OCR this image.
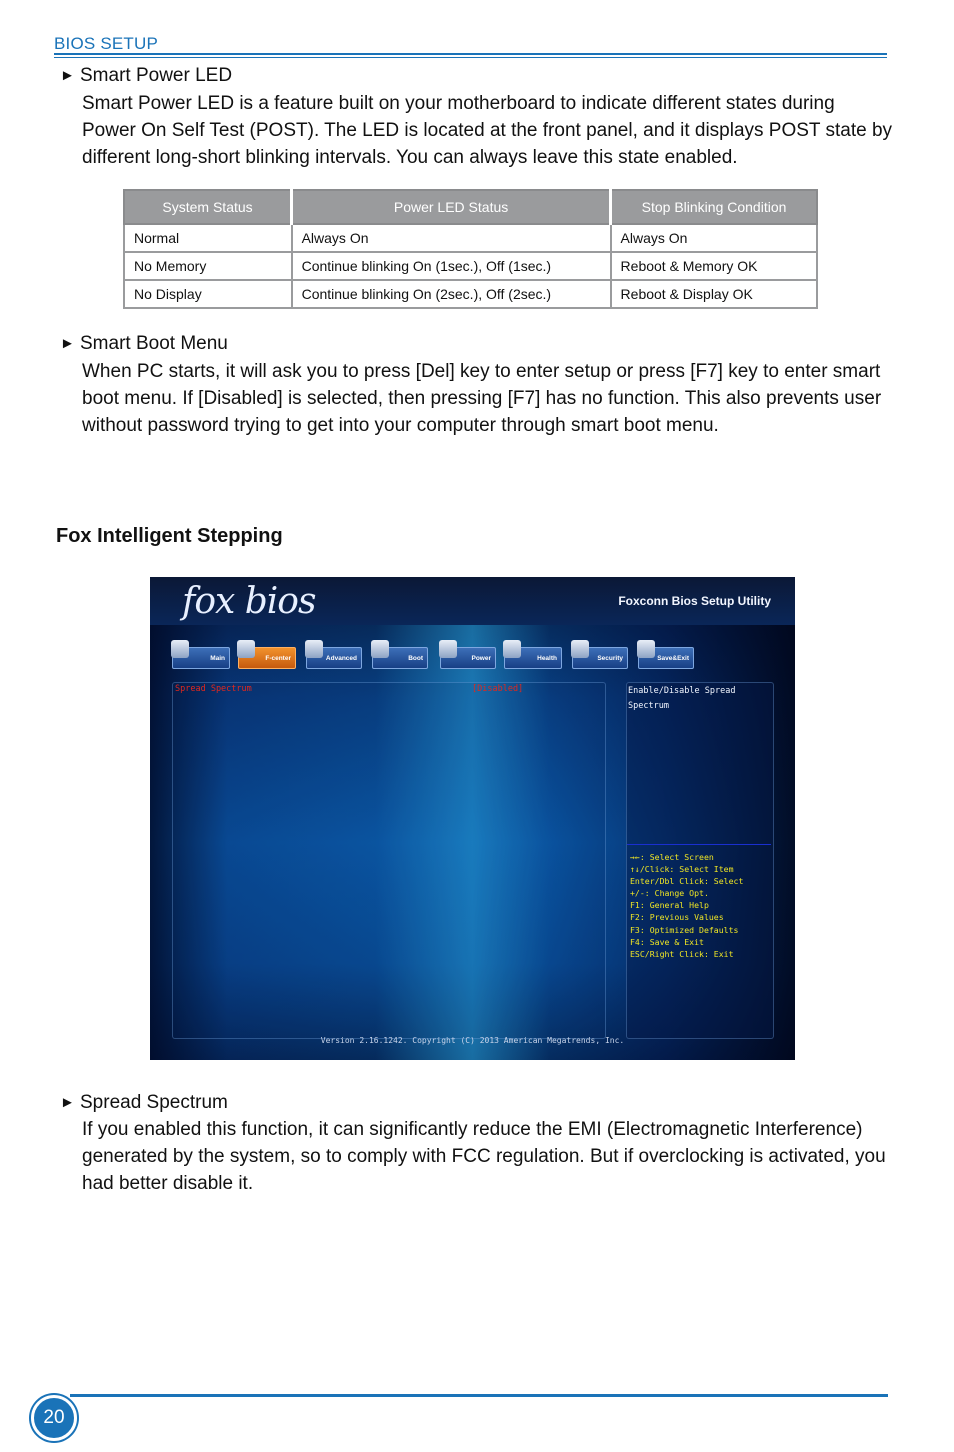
BIOS SETUP
► Smart Power LED

Smart Power LED is a feature built on your motherboard to indicate different states during Power On Self Test (POST). The LED is located at the front panel, and it displays POST state by different long-short blinking intervals. You can always leave this state enabled.

System Status	Power LED Status	Stop Blinking Condition
Normal	Always On	Always On
No Memory	Continue blinking On (1sec.), Off (1sec.)	Reboot & Memory OK
No Display	Continue blinking On (2sec.), Off (2sec.)	Reboot & Display OK
► Smart Boot Menu

When PC starts, it will ask you to press [Del] key to enter setup or press [F7] key to enter smart boot menu. If [Disabled] is selected, then pressing [F7] has no function. This also prevents user without password trying to get into your computer through smart boot menu.

Fox Intelligent Stepping
fox bios	Foxconn Bios Setup Utility
Main	F-center	Advanced	Boot	Power	Health	Security	Save&Exit
Spread Spectrum	[Disabled]	Enable/Disable Spread Spectrum
→←: Select Screen
↑↓/Click: Select Item
Enter/Dbl Click: Select
+/-: Change Opt.
F1: General Help
F2: Previous Values
F3: Optimized Defaults
F4: Save & Exit
ESC/Right Click: Exit
Version 2.16.1242. Copyright (C) 2013 American Megatrends, Inc.
► Spread Spectrum

If you enabled this function, it can significantly reduce the EMI (Electromagnetic Interference) generated by the system, so to comply with FCC regulation. But if overclocking is activated, you had better disable it.

20
